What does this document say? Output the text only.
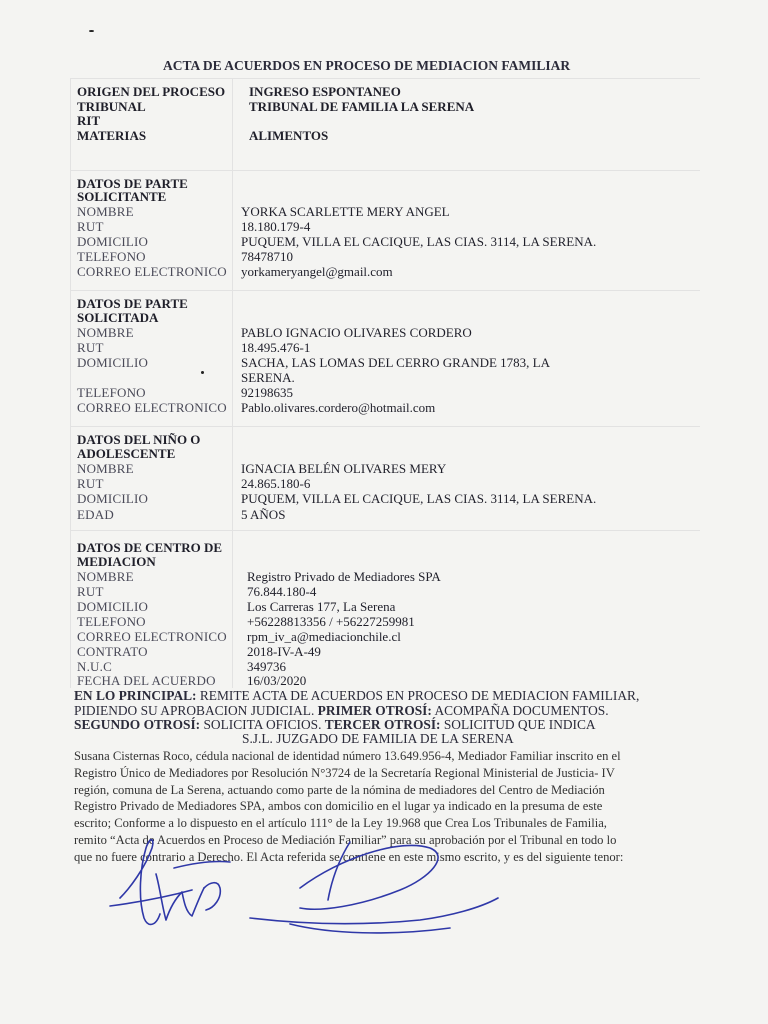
ACTA DE ACUERDOS EN PROCESO DE MEDIACION FAMILIAR
ORIGEN DEL PROCESO INGRESO ESPONTANEO
TRIBUNAL	TRIBUNAL DE FAMILIA LA SERENA
RIT
MATERIAS	ALIMENTOS
DATOS DE PARTE
SOLICITANTE
NOMBRE	YORKA SCARLETTE MERY ANGEL
RUT	18.180.179-4
DOMICILIO	PUQUEM, VILLA EL CACIQUE, LAS CIAS. 3114, LA SERENA.
TELEFONO	78478710
CORREO ELECTRONICO yorkameryangel@gmail.com
DATOS DE PARTE
SOLICITADA
NOMBRE	PABLO IGNACIO OLIVARES CORDERO
RUT	18.495.476-1
DOMICILIO	SACHA, LAS LOMAS DEL CERRO GRANDE 1783, LA
SERENA.
TELEFONO	92198635
CORREO ELECTRONICO Pablo.olivares.cordero@hotmail.com
DATOS DEL NIÑO O
ADOLESCENTE
NOMBRE	IGNACIA BELÉN OLIVARES MERY
RUT	24.865.180-6
DOMICILIO	PUQUEM, VILLA EL CACIQUE, LAS CIAS. 3114, LA SERENA.
EDAD	5 AÑOS
DATOS DE CENTRO DE
MEDIACION
NOMBRE	Registro Privado de Mediadores SPA
RUT	76.844.180-4
DOMICILIO	Los Carreras 177, La Serena
TELEFONO	+56228813356 / +56227259981
CORREO ELECTRONICO rpm_iv_a@mediacionchile.cl
CONTRATO	2018-IV-A-49
N.U.C	349736
FECHA DEL ACUERDO 16/03/2020
EN LO PRINCIPAL: REMITE ACTA DE ACUERDOS EN PROCESO DE MEDIACION FAMILIAR,
PIDIENDO SU APROBACION JUDICIAL. PRIMER OTROSÍ: ACOMPAÑA DOCUMENTOS.
SEGUNDO OTROSÍ: SOLICITA OFICIOS. TERCER OTROSÍ: SOLICITUD QUE INDICA
S.J.L. JUZGADO DE FAMILIA DE LA SERENA
Susana Cisternas Roco, cédula nacional de identidad número 13.649.956-4, Mediador Familiar inscrito en el
Registro Único de Mediadores por Resolución N°3724 de la Secretaría Regional Ministerial de Justicia- IV
región, comuna de La Serena, actuando como parte de la nómina de mediadores del Centro de Mediación
Registro Privado de Mediadores SPA, ambos con domicilio en el lugar ya indicado en la presuma de este
escrito; Conforme a lo dispuesto en el artículo 111° de la Ley 19.968 que Crea Los Tribunales de Familia,
remito “Acta de Acuerdos en Proceso de Mediación Familiar” para su aprobación por el Tribunal en todo lo
que no fuere contrario a Derecho. El Acta referida se contiene en este mismo escrito, y es del siguiente tenor:
